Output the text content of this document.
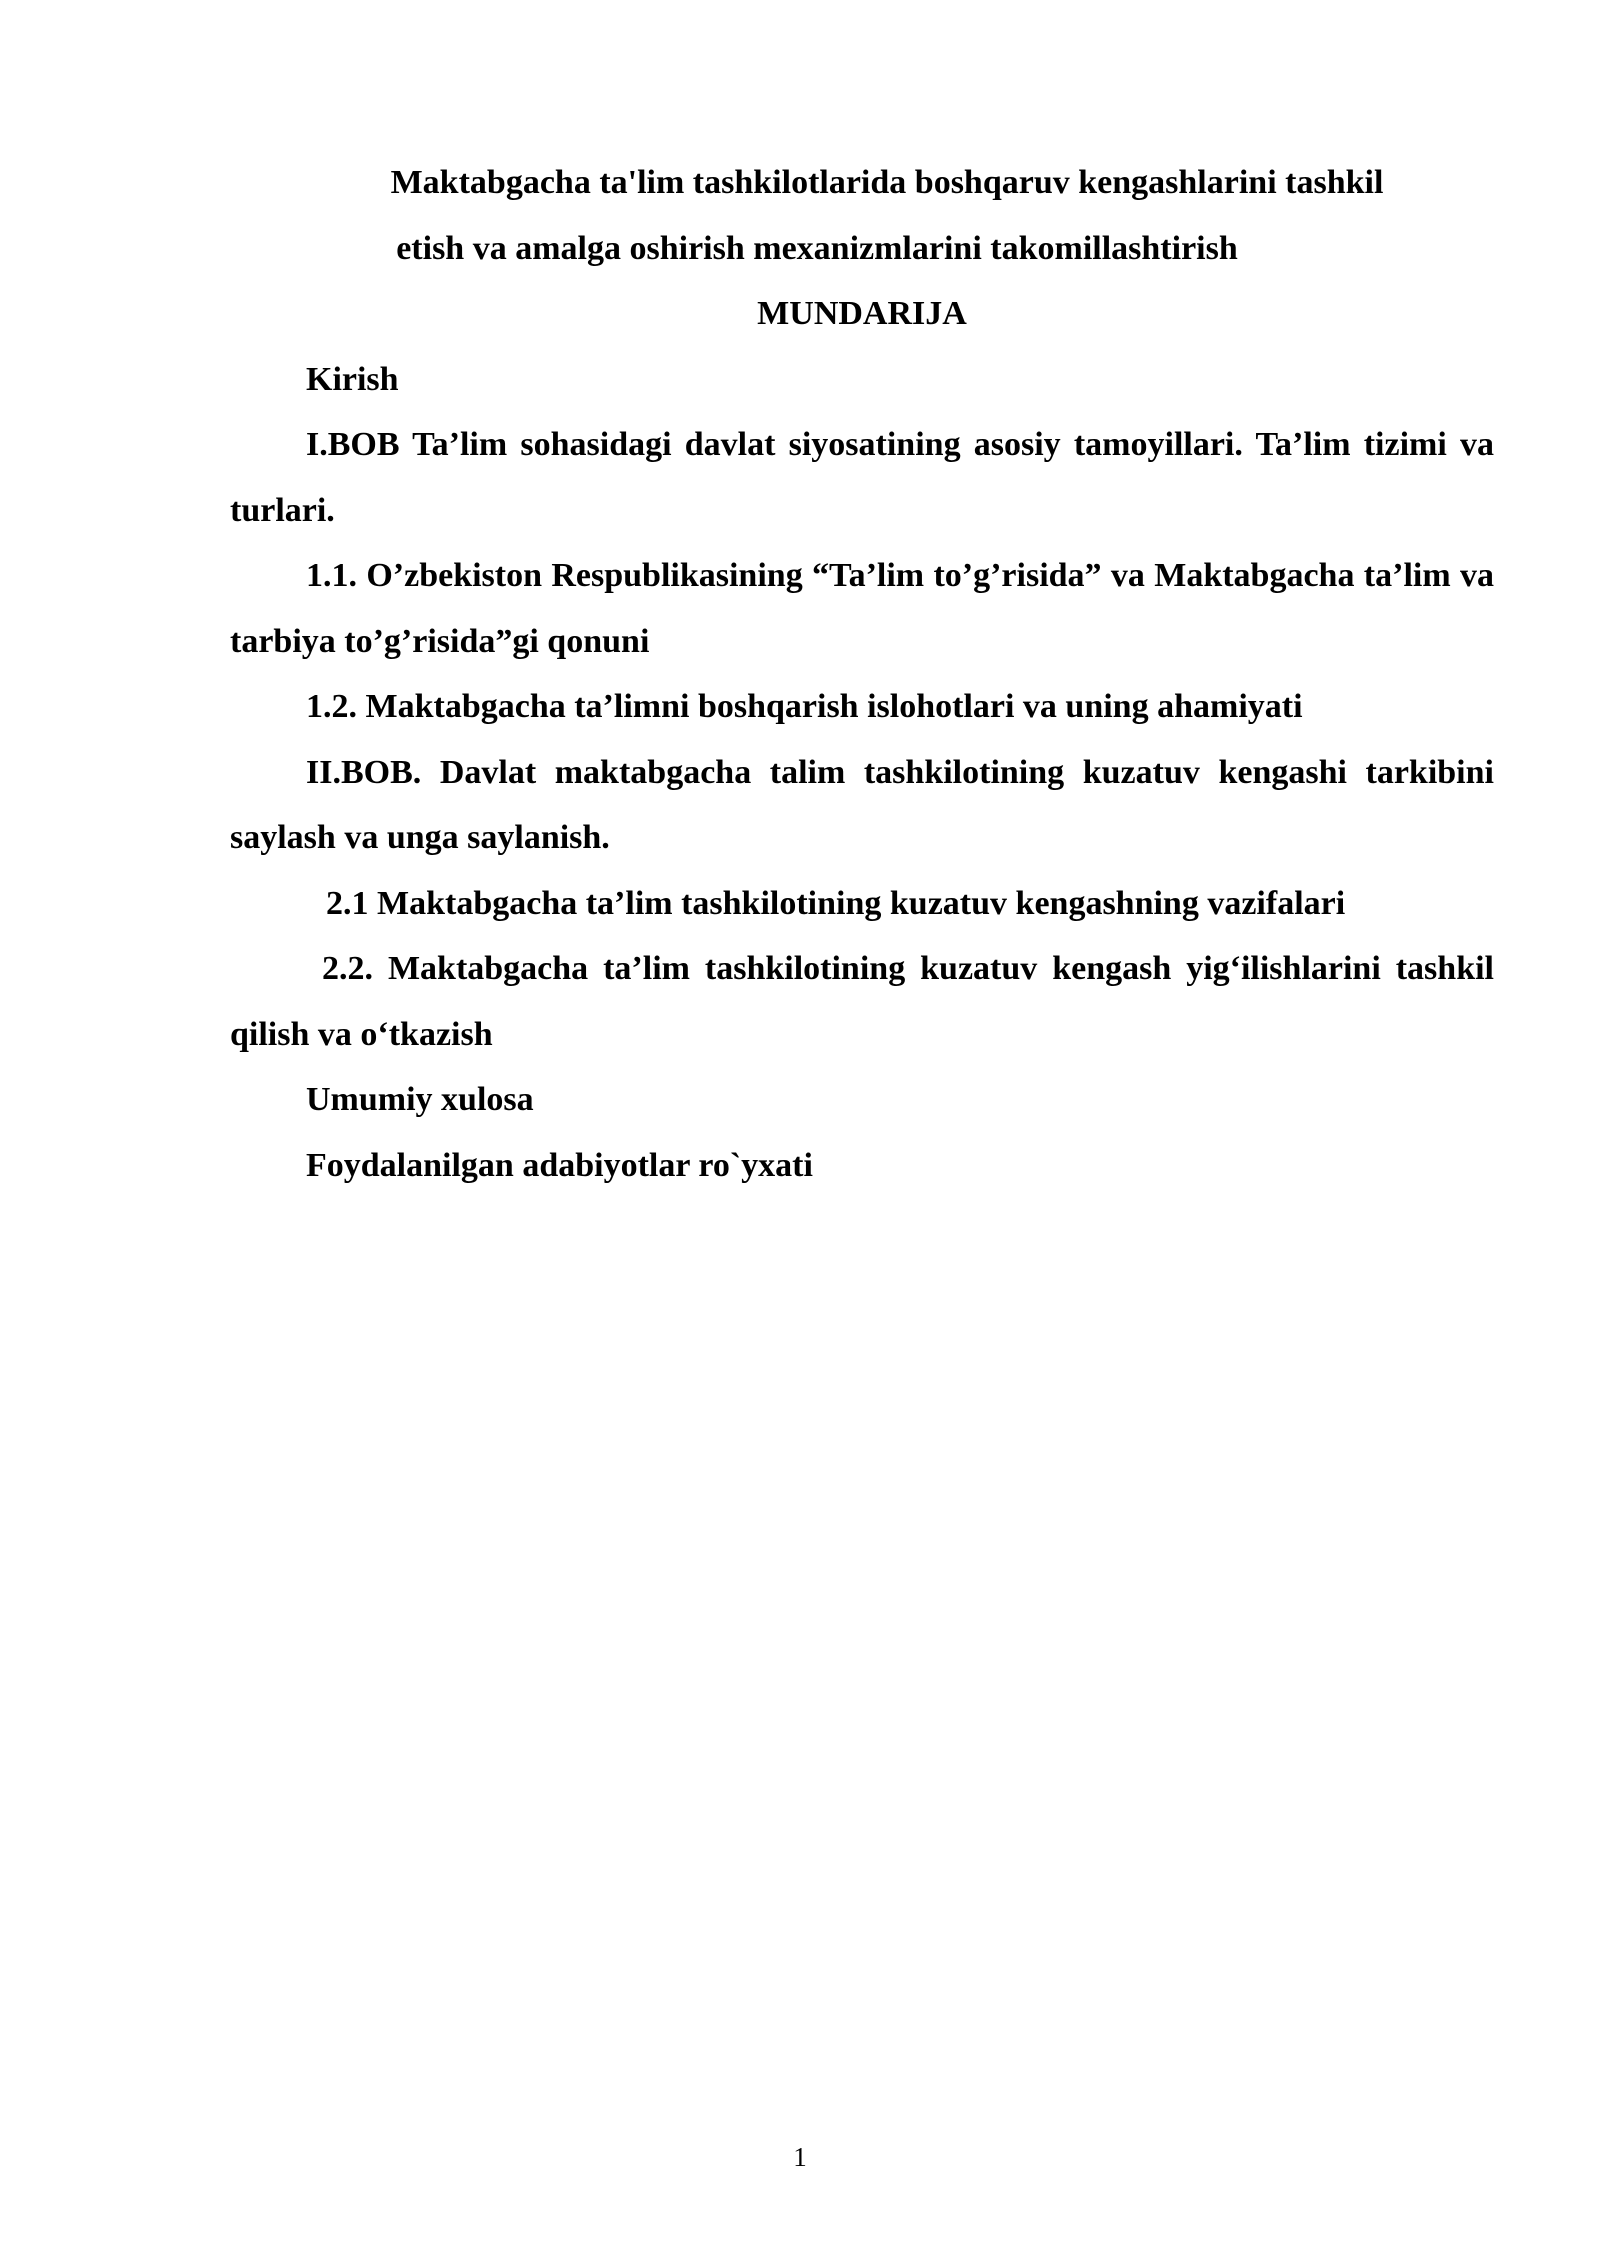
Maktabgacha ta'lim tashkilotlarida boshqaruv kengashlarini tashkil
etish va amalga oshirish mexanizmlarini takomillashtirish

MUNDARIJA

Kirish

I.BOB Ta’lim sohasidagi davlat siyosatining asosiy tamoyillari. Ta’lim tizimi va turlari.

1.1. O’zbekiston Respublikasining “Ta’lim to’g’risida” va Maktabgacha ta’lim va tarbiya to’g’risida”gi qonuni

1.2. Maktabgacha ta’limni boshqarish islohotlari va uning ahamiyati

II.BOB. Davlat maktabgacha talim tashkilotining kuzatuv kengashi tarkibini saylash va unga saylanish.

2.1 Maktabgacha ta’lim tashkilotining kuzatuv kengashning vazifalari

2.2. Maktabgacha ta’lim tashkilotining kuzatuv kengash yig‘ilishlarini tashkil qilish va o‘tkazish

Umumiy xulosa

Foydalanilgan adabiyotlar ro`yxati

1
